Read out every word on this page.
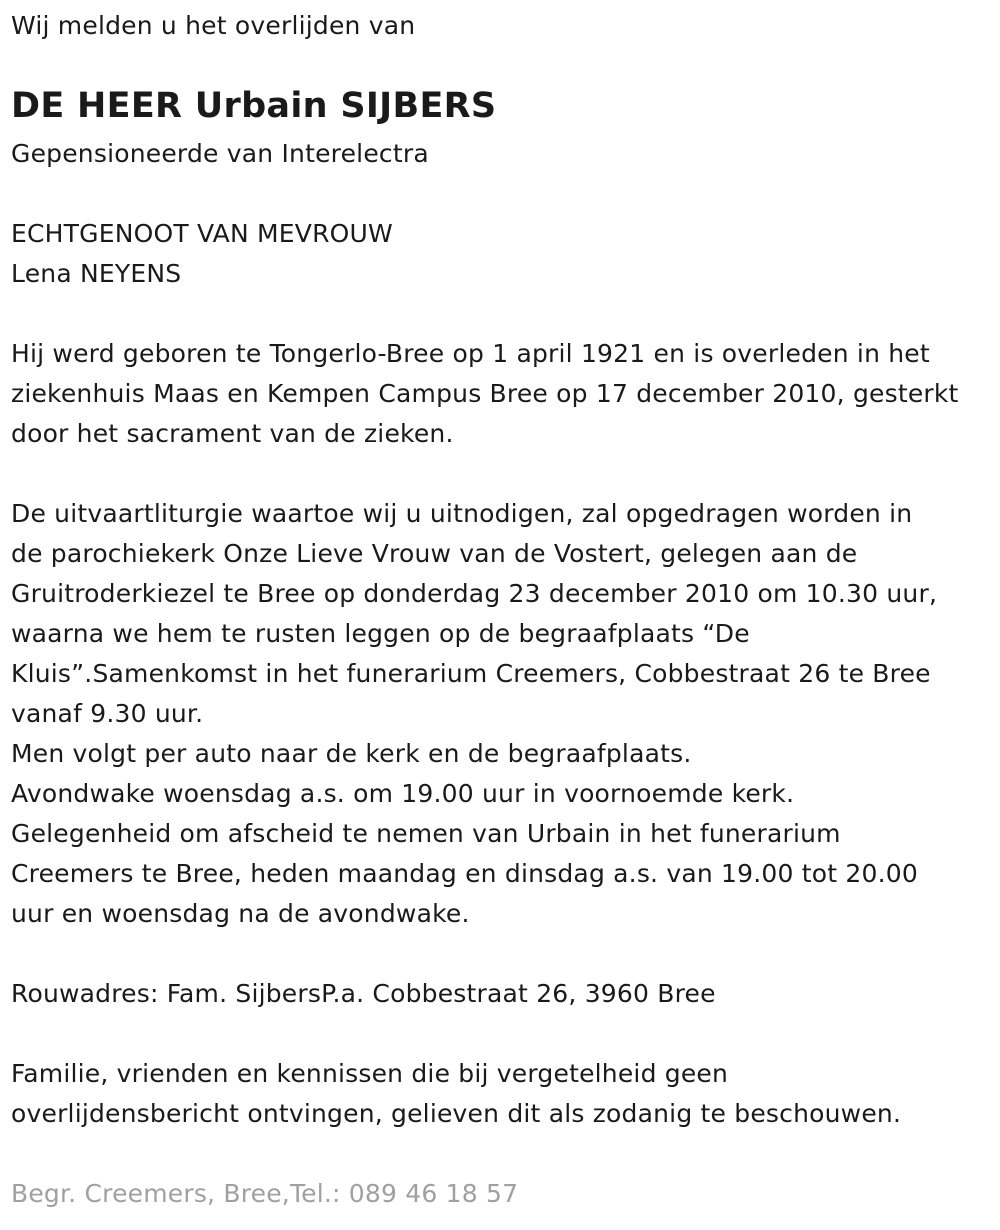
Wij melden u het overlijden van
DE HEER Urbain SIJBERS
Gepensioneerde van Interelectra
ECHTGENOOT VAN MEVROUW
Lena NEYENS
Hij werd geboren te Tongerlo-Bree op 1 april 1921 en is overleden in het
ziekenhuis Maas en Kempen Campus Bree op 17 december 2010, gesterkt
door het sacrament van de zieken.
De uitvaartliturgie waartoe wij u uitnodigen, zal opgedragen worden in
de parochiekerk Onze Lieve Vrouw van de Vostert, gelegen aan de
Gruitroderkiezel te Bree op donderdag 23 december 2010 om 10.30 uur,
waarna we hem te rusten leggen op de begraafplaats “De
Kluis”.Samenkomst in het funerarium Creemers, Cobbestraat 26 te Bree
vanaf 9.30 uur.
Men volgt per auto naar de kerk en de begraafplaats.
Avondwake woensdag a.s. om 19.00 uur in voornoemde kerk.
Gelegenheid om afscheid te nemen van Urbain in het funerarium
Creemers te Bree, heden maandag en dinsdag a.s. van 19.00 tot 20.00
uur en woensdag na de avondwake.
Rouwadres: Fam. SijbersP.a. Cobbestraat 26, 3960 Bree
Familie, vrienden en kennissen die bij vergetelheid geen
overlijdensbericht ontvingen, gelieven dit als zodanig te beschouwen.
Begr. Creemers, Bree,Tel.: 089 46 18 57
